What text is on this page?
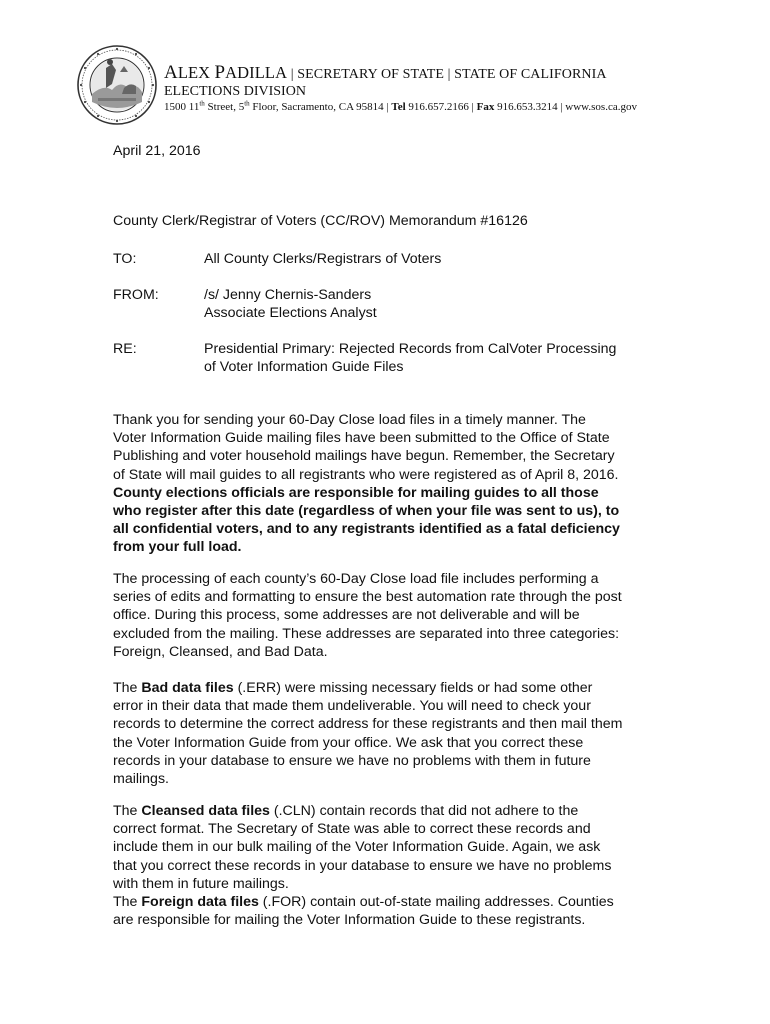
ALEX PADILLA | SECRETARY OF STATE | STATE OF CALIFORNIA
ELECTIONS DIVISION
1500 11th Street, 5th Floor, Sacramento, CA 95814 | Tel 916.657.2166 | Fax 916.653.3214 | www.sos.ca.gov
April 21, 2016
County Clerk/Registrar of Voters (CC/ROV) Memorandum #16126
TO:	All County Clerks/Registrars of Voters
FROM:	/s/ Jenny Chernis-Sanders
Associate Elections Analyst
RE:	Presidential Primary: Rejected Records from CalVoter Processing
of Voter Information Guide Files
Thank you for sending your 60-Day Close load files in a timely manner. The
Voter Information Guide mailing files have been submitted to the Office of State
Publishing and voter household mailings have begun. Remember, the Secretary
of State will mail guides to all registrants who were registered as of April 8, 2016.
County elections officials are responsible for mailing guides to all those
who register after this date (regardless of when your file was sent to us), to
all confidential voters, and to any registrants identified as a fatal deficiency
from your full load.
The processing of each county’s 60-Day Close load file includes performing a
series of edits and formatting to ensure the best automation rate through the post
office. During this process, some addresses are not deliverable and will be
excluded from the mailing. These addresses are separated into three categories:
Foreign, Cleansed, and Bad Data.
The Bad data files (.ERR) were missing necessary fields or had some other
error in their data that made them undeliverable. You will need to check your
records to determine the correct address for these registrants and then mail them
the Voter Information Guide from your office. We ask that you correct these
records in your database to ensure we have no problems with them in future
mailings.
The Cleansed data files (.CLN) contain records that did not adhere to the
correct format. The Secretary of State was able to correct these records and
include them in our bulk mailing of the Voter Information Guide. Again, we ask
that you correct these records in your database to ensure we have no problems
with them in future mailings.
The Foreign data files (.FOR) contain out-of-state mailing addresses. Counties
are responsible for mailing the Voter Information Guide to these registrants.
